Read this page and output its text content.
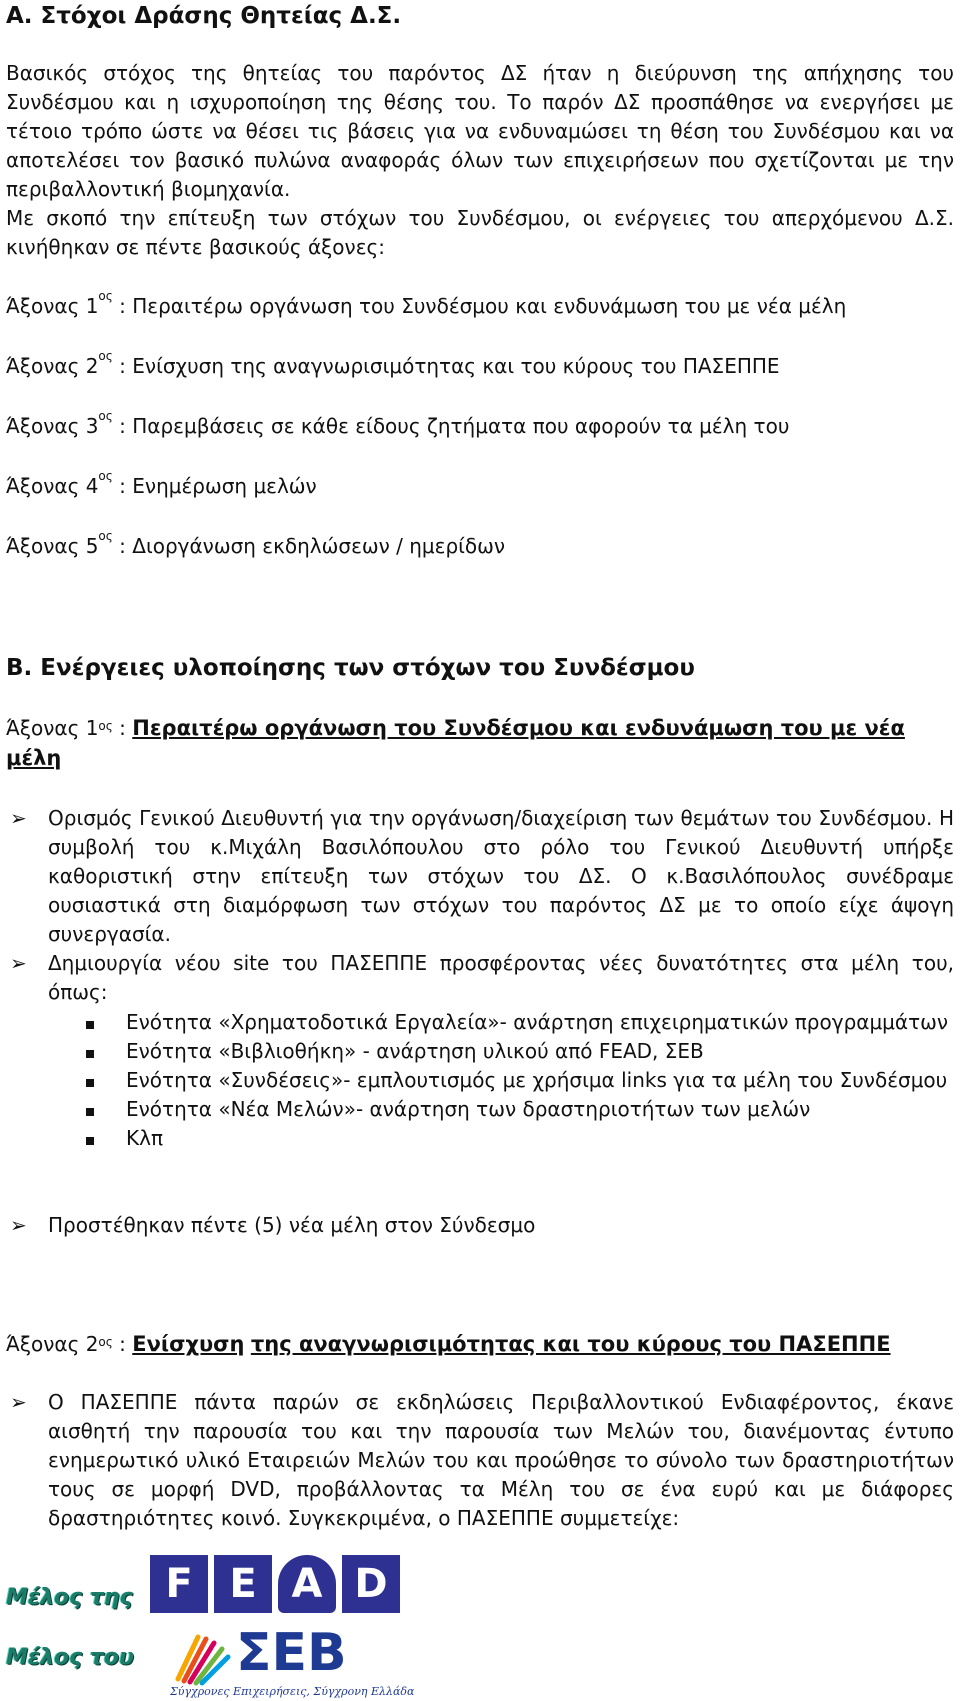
Α. Στόχοι Δράσης Θητείας Δ.Σ.

Βασικός στόχος της θητείας του παρόντος ΔΣ ήταν η διεύρυνση της απήχησης του Συνδέσμου και η ισχυροποίηση της θέσης του. Το παρόν ΔΣ προσπάθησε να ενεργήσει με τέτοιο τρόπο ώστε να θέσει τις βάσεις για να ενδυναμώσει τη θέση του Συνδέσμου και να αποτελέσει τον βασικό πυλώνα αναφοράς όλων των επιχειρήσεων που σχετίζονται με την περιβαλλοντική βιομηχανία.

Με σκοπό την επίτευξη των στόχων του Συνδέσμου, οι ενέργειες του απερχόμενου Δ.Σ. κινήθηκαν σε πέντε βασικούς άξονες:

Άξονας $1^{o\varsigma}$ : Περαιτέρω οργάνωση του Συνδέσμου και ενδυνάμωση του με νέα μέλη
Άξονας $2^{o\varsigma}$ : Ενίσχυση της αναγνωρισιμότητας και του κύρους του ΠΑΣΕΠΠΕ
Άξονας $3^{o\varsigma}$ : Παρεμβάσεις σε κάθε είδους ζητήματα που αφορούν τα μέλη του
Άξονας $4^{o\varsigma}$ : Ενημέρωση μελών
Άξονας $5^{o\varsigma}$ : Διοργάνωση εκδηλώσεων / ημερίδων
Β. Ενέργειες υλοποίησης των στόχων του Συνδέσμου
Άξονας $1^{o\varsigma}$ : Περαιτέρω οργάνωση του Συνδέσμου και ενδυνάμωση του με νέα μέλη
➢	Ορισμός Γενικού Διευθυντή για την οργάνωση/διαχείριση των θεμάτων του Συνδέσμου. Η συμβολή του κ.Μιχάλη Βασιλόπουλου στο ρόλο του Γενικού Διευθυντή υπήρξε καθοριστική στην επίτευξη των στόχων του ΔΣ. Ο κ.Βασιλόπουλος συνέδραμε ουσιαστικά στη διαμόρφωση των στόχων του παρόντος ΔΣ με το οποίο είχε άψογη συνεργασία.
➢	Δημιουργία νέου site του ΠΑΣΕΠΠΕ προσφέροντας νέες δυνατότητες στα μέλη του, όπως:
Ενότητα «Χρηματοδοτικά Εργαλεία»- ανάρτηση επιχειρηματικών προγραμμάτων
Ενότητα «Βιβλιοθήκη» - ανάρτηση υλικού από FEAD, ΣΕΒ
Ενότητα «Συνδέσεις»- εμπλουτισμός με χρήσιμα links για τα μέλη του Συνδέσμου
Ενότητα «Νέα Μελών»- ανάρτηση των δραστηριοτήτων των μελών
Κλπ
➢	Προστέθηκαν πέντε (5) νέα μέλη στον Σύνδεσμο
Άξονας $2^{o\varsigma}$ : Ενίσχυση της αναγνωρισιμότητας και του κύρους του ΠΑΣΕΠΠΕ
➢	Ο ΠΑΣΕΠΠΕ πάντα παρών σε εκδηλώσεις Περιβαλλοντικού Ενδιαφέροντος, έκανε αισθητή την παρουσία του και την παρουσία των Μελών του, διανέμοντας έντυπο ενημερωτικό υλικό Εταιρειών Μελών του και προώθησε το σύνολο των δραστηριοτήτων τους σε μορφή DVD, προβάλλοντας τα Μέλη του σε ένα ευρύ και με διάφορες δραστηριότητες κοινό. Συγκεκριμένα, ο ΠΑΣΕΠΠΕ συμμετείχε:
Μέλος της F E A D
Μέλος του ΣΕΒ
Σύγχρονες Επιχειρήσεις, Σύγχρονη Ελλάδα
